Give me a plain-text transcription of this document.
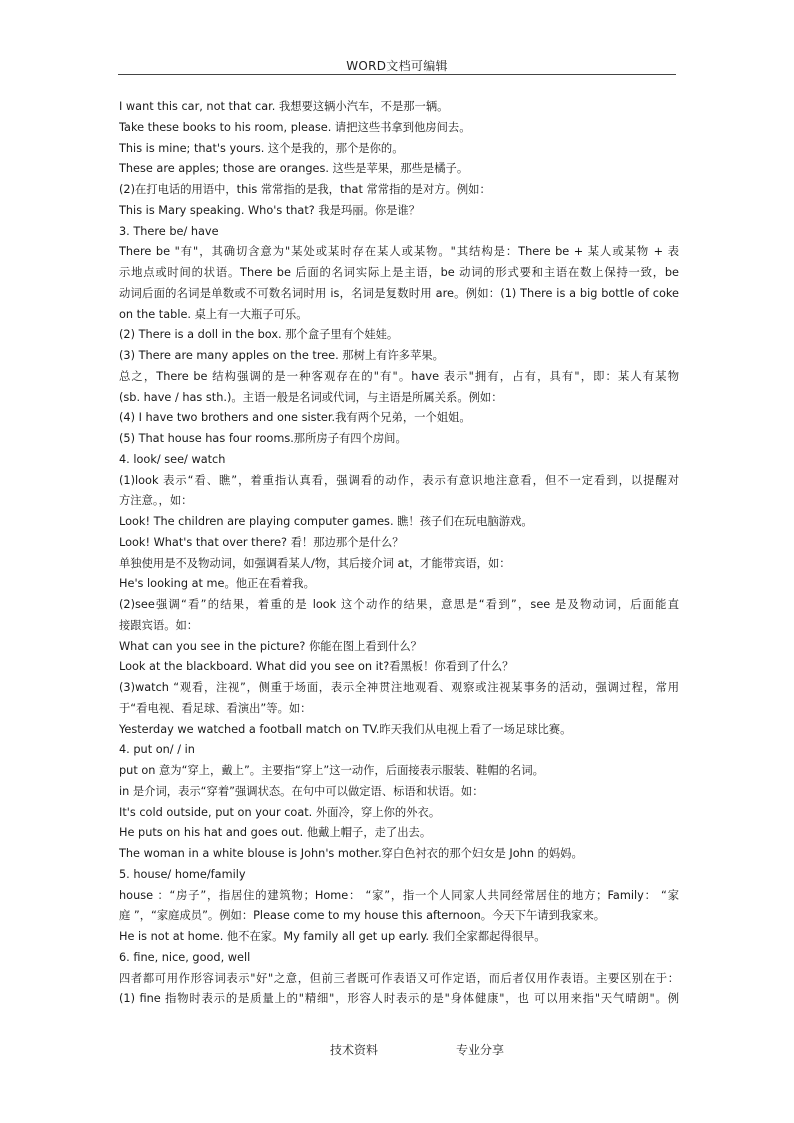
WORD文档可编辑
I want this car, not that car. 我想要这辆小汽车，不是那一辆。
Take these books to his room, please. 请把这些书拿到他房间去。
This is mine; that's yours. 这个是我的，那个是你的。
These are apples; those are oranges. 这些是苹果，那些是橘子。
(2)在打电话的用语中，this 常常指的是我，that 常常指的是对方。例如：
This is Mary speaking. Who's that? 我是玛丽。你是谁？
3. There be/ have
There be "有"，其确切含意为"某处或某时存在某人或某物。"其结构是：There be + 某人或某物 + 表
示地点或时间的状语。There be 后面的名词实际上是主语，be 动词的形式要和主语在数上保持一致，be
动词后面的名词是单数或不可数名词时用 is，名词是复数时用 are。例如：(1) There is a big bottle of coke
on the table. 桌上有一大瓶子可乐。
(2) There is a doll in the box. 那个盒子里有个娃娃。
(3) There are many apples on the tree. 那树上有许多苹果。
总之，There be 结构强调的是一种客观存在的"有"。have 表示"拥有，占有，具有"，即：某人有某物
(sb. have / has sth.)。主语一般是名词或代词，与主语是所属关系。例如：
(4) I have two brothers and one sister.我有两个兄弟，一个姐姐。
(5) That house has four rooms.那所房子有四个房间。
4. look/ see/ watch
(1)look 表示“看、瞧”，着重指认真看，强调看的动作，表示有意识地注意看，但不一定看到，以提醒对
方注意。，如：
Look! The children are playing computer games. 瞧！孩子们在玩电脑游戏。
Look! What's that over there? 看！那边那个是什么？
单独使用是不及物动词，如强调看某人/物，其后接介词 at，才能带宾语，如：
He's looking at me。他正在看着我。
(2)see强调“看”的结果，着重的是 look 这个动作的结果，意思是“看到”，see 是及物动词，后面能直
接跟宾语。如：
What can you see in the picture? 你能在图上看到什么？
Look at the blackboard. What did you see on it?看黑板！你看到了什么？
(3)watch “观看，注视”，侧重于场面，表示全神贯注地观看、观察或注视某事务的活动，强调过程，常用
于“看电视、看足球、看演出”等。如：
Yesterday we watched a football match on TV.昨天我们从电视上看了一场足球比赛。
4. put on/ / in
put on 意为“穿上，戴上”。主要指“穿上”这一动作，后面接表示服装、鞋帽的名词。
in 是介词，表示“穿着”强调状态。在句中可以做定语、标语和状语。如：
It's cold outside, put on your coat. 外面冷，穿上你的外衣。
He puts on his hat and goes out. 他戴上帽子，走了出去。
The woman in a white blouse is John's mother.穿白色衬衣的那个妇女是 John 的妈妈。
5. house/ home/family
house ：“房子”，指居住的建筑物；Home： “家”，指一个人同家人共同经常居住的地方；Family： “家
庭 ”，“家庭成员”。例如：Please come to my house this afternoon。今天下午请到我家来。
He is not at home. 他不在家。My family all get up early. 我们全家都起得很早。
6. fine, nice, good, well
四者都可用作形容词表示"好"之意，但前三者既可作表语又可作定语，而后者仅用作表语。主要区别在于：
(1) fine 指物时表示的是质量上的"精细"，形容人时表示的是"身体健康"，也 可以用来指"天气晴朗"。例
技术资料	专业分享
